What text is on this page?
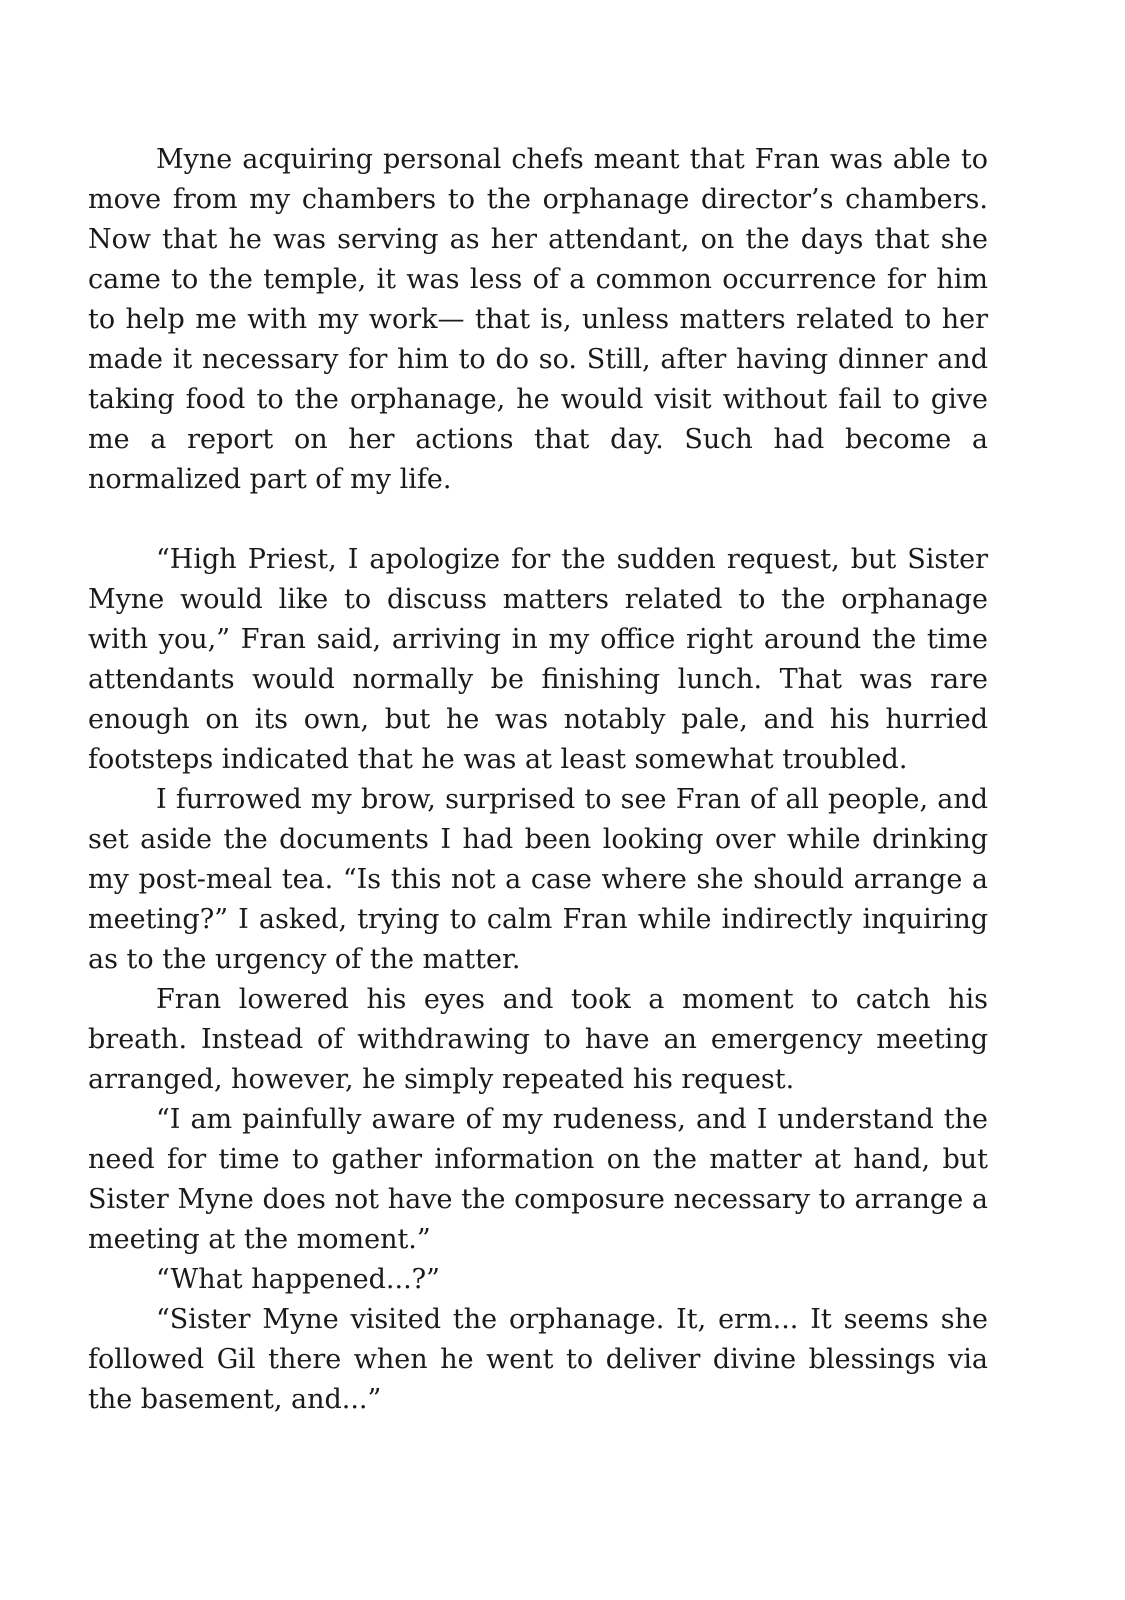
Myne acquiring personal chefs meant that Fran was able to move from my chambers to the orphanage director’s chambers. Now that he was serving as her attendant, on the days that she came to the temple, it was less of a common occurrence for him to help me with my work— that is, unless matters related to her made it necessary for him to do so. Still, after having dinner and taking food to the orphanage, he would visit without fail to give me a report on her actions that day. Such had become a normalized part of my life.

“High Priest, I apologize for the sudden request, but Sister Myne would like to discuss matters related to the orphanage with you,” Fran said, arriving in my office right around the time attendants would normally be finishing lunch. That was rare enough on its own, but he was notably pale, and his hurried footsteps indicated that he was at least somewhat troubled.

I furrowed my brow, surprised to see Fran of all people, and set aside the documents I had been looking over while drinking my post-meal tea. “Is this not a case where she should arrange a meeting?” I asked, trying to calm Fran while indirectly inquiring as to the urgency of the matter.

Fran lowered his eyes and took a moment to catch his breath. Instead of withdrawing to have an emergency meeting arranged, however, he simply repeated his request.

“I am painfully aware of my rudeness, and I understand the need for time to gather information on the matter at hand, but Sister Myne does not have the composure necessary to arrange a meeting at the moment.”

“What happened...?”

“Sister Myne visited the orphanage. It, erm... It seems she followed Gil there when he went to deliver divine blessings via the basement, and...”
